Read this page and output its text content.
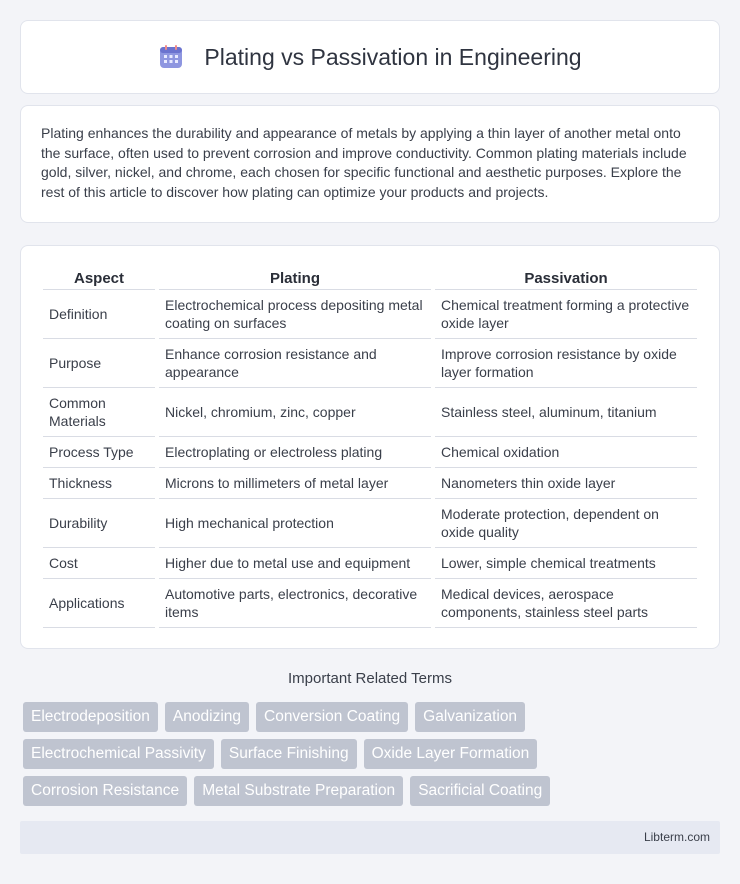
Plating vs Passivation in Engineering

Plating enhances the durability and appearance of metals by applying a thin layer of another metal onto the surface, often used to prevent corrosion and improve conductivity. Common plating materials include gold, silver, nickel, and chrome, each chosen for specific functional and aesthetic purposes. Explore the rest of this article to discover how plating can optimize your products and projects.

Aspect	Plating	Passivation
Definition	Electrochemical process depositing metal coating on surfaces	Chemical treatment forming a protective oxide layer
Purpose	Enhance corrosion resistance and appearance	Improve corrosion resistance by oxide layer formation
Common Materials	Nickel, chromium, zinc, copper	Stainless steel, aluminum, titanium
Process Type	Electroplating or electroless plating	Chemical oxidation
Thickness	Microns to millimeters of metal layer	Nanometers thin oxide layer
Durability	High mechanical protection	Moderate protection, dependent on oxide quality
Cost	Higher due to metal use and equipment	Lower, simple chemical treatments
Applications	Automotive parts, electronics, decorative items	Medical devices, aerospace components, stainless steel parts
Important Related Terms
Electrodeposition	Anodizing	Conversion Coating	Galvanization
Electrochemical Passivity	Surface Finishing	Oxide Layer Formation
Corrosion Resistance	Metal Substrate Preparation	Sacrificial Coating
Libterm.com
